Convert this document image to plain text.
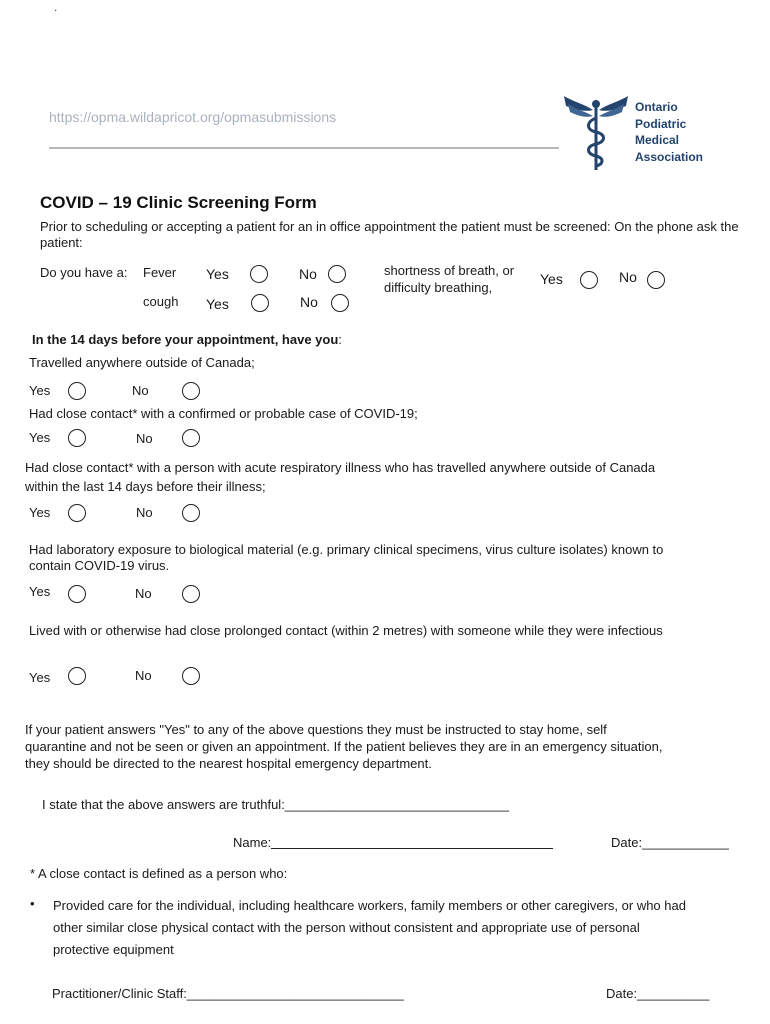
.
https://opma.wildapricot.org/opmasubmissions
Ontario
Podiatric
Medical
Association
COVID – 19 Clinic Screening Form
Prior to scheduling or accepting a patient for an in office appointment the patient must be screened: On the phone ask the patient:
Do you have a: Fever Yes	No
cough Yes	No
shortness of breath, or difficulty breathing,
Yes	No
In the 14 days before your appointment, have you:
Travelled anywhere outside of Canada;
Yes	No
Had close contact* with a confirmed or probable case of COVID-19;
Yes	No
Had close contact* with a person with acute respiratory illness who has travelled anywhere outside of Canada within the last 14 days before their illness;
Yes	No
Had laboratory exposure to biological material (e.g. primary clinical specimens, virus culture isolates) known to contain COVID-19 virus.
Yes	No
Lived with or otherwise had close prolonged contact (within 2 metres) with someone while they were infectious
Yes	No
If your patient answers "Yes" to any of the above questions they must be instructed to stay home, self quarantine and not be seen or given an appointment. If the patient believes they are in an emergency situation, they should be directed to the nearest hospital emergency department.
I state that the above answers are truthful:_______________________________
Name:	Date:____________
* A close contact is defined as a person who:
• Provided care for the individual, including healthcare workers, family members or other caregivers, or who had other similar close physical contact with the person without consistent and appropriate use of personal protective equipment
Practitioner/Clinic Staff:______________________________	Date:__________
